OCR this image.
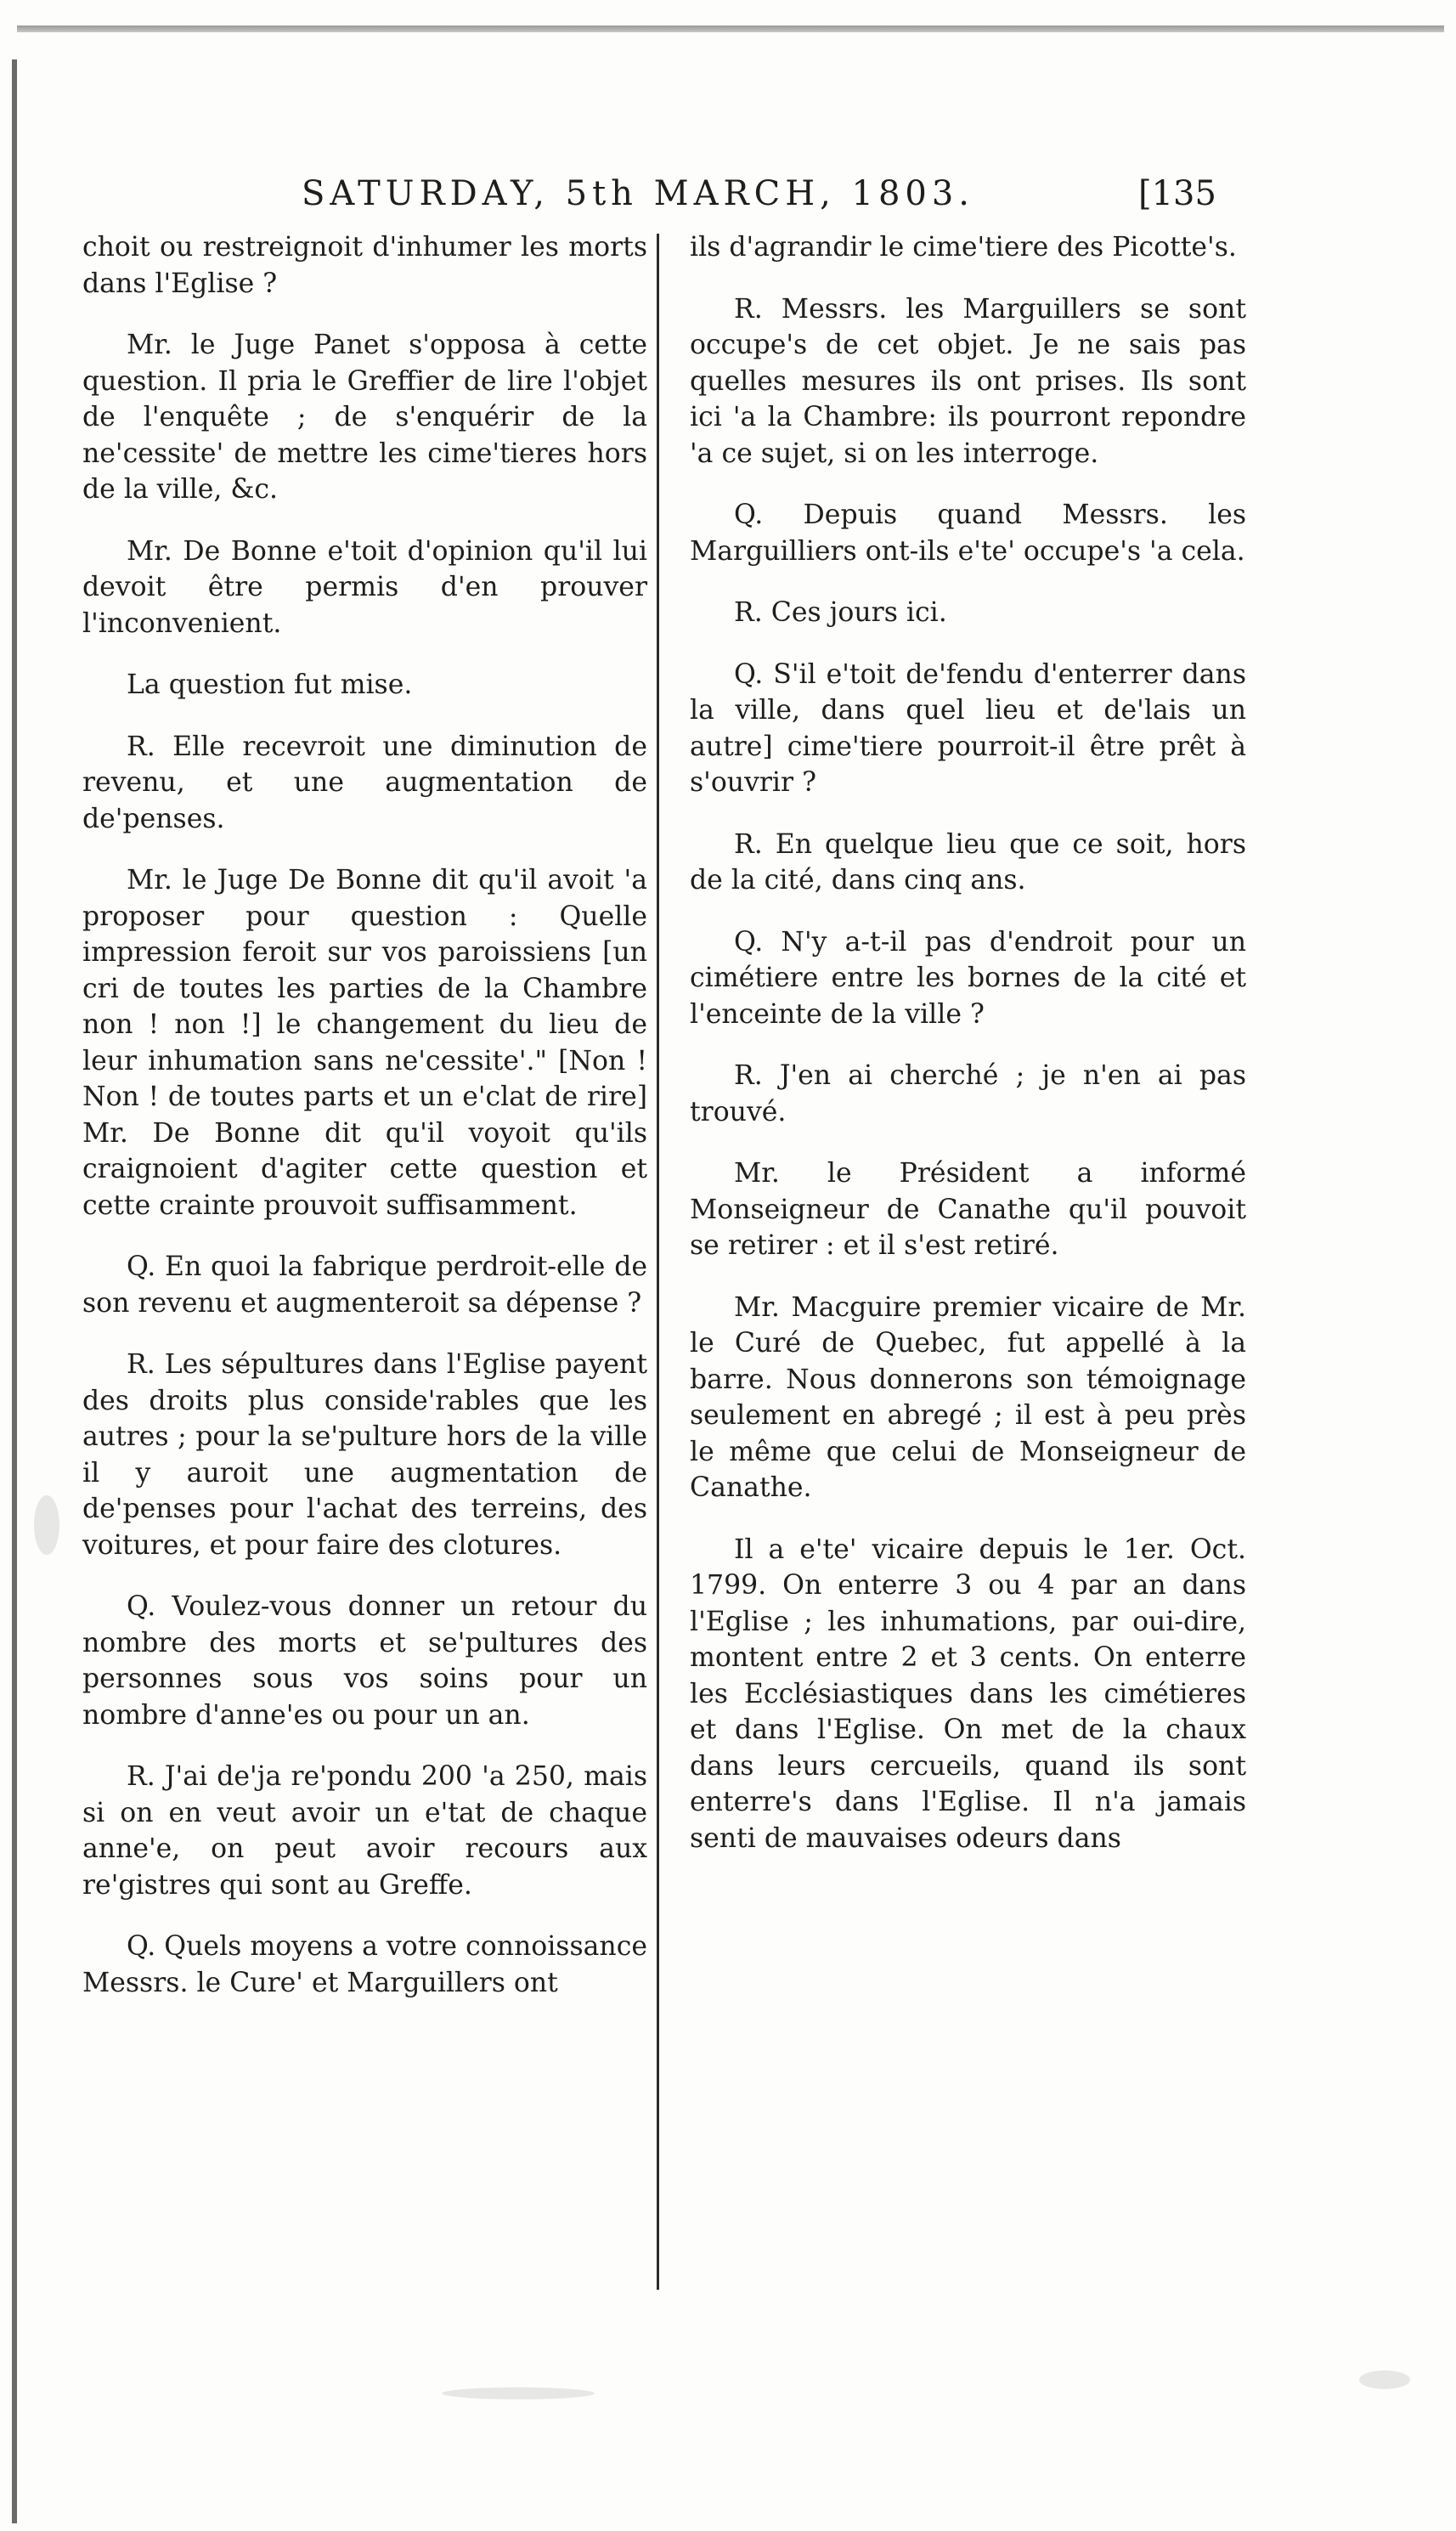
SATURDAY, 5th MARCH, 1803.	[135

choit ou restreignoit d'inhumer les morts dans l'Eglise ?

Mr. le Juge Panet s'opposa à cette question. Il pria le Greffier de lire l'objet de l'enquête ; de s'enquérir de la ne'cessite' de mettre les cime'tieres hors de la ville, &c.

Mr. De Bonne e'toit d'opinion qu'il lui devoit être permis d'en prouver l'inconvenient.

La question fut mise.

R. Elle recevroit une diminution de revenu, et une augmentation de de'penses.

Mr. le Juge De Bonne dit qu'il avoit 'a proposer pour question : Quelle impression feroit sur vos paroissiens [un cri de toutes les parties de la Chambre non ! non !] le changement du lieu de leur inhumation sans ne'cessite'." [Non ! Non ! de toutes parts et un e'clat de rire] Mr. De Bonne dit qu'il voyoit qu'ils craignoient d'agiter cette question et cette crainte prouvoit suffisamment.

Q. En quoi la fabrique perdroit-elle de son revenu et augmenteroit sa dépense ?

R. Les sépultures dans l'Eglise payent des droits plus conside'rables que les autres ; pour la se'pulture hors de la ville il y auroit une augmentation de de'penses pour l'achat des terreins, des voitures, et pour faire des clotures.

Q. Voulez-vous donner un retour du nombre des morts et se'pultures des personnes sous vos soins pour un nombre d'anne'es ou pour un an.

R. J'ai de'ja re'pondu 200 'a 250, mais si on en veut avoir un e'tat de chaque anne'e, on peut avoir recours aux re'gistres qui sont au Greffe.

Q. Quels moyens a votre connoissance Messrs. le Cure' et Marguillers ont

ils d'agrandir le cime'tiere des Picotte's.

R. Messrs. les Marguillers se sont occupe's de cet objet. Je ne sais pas quelles mesures ils ont prises. Ils sont ici 'a la Chambre: ils pourront repondre 'a ce sujet, si on les interroge.

Q. Depuis quand Messrs. les Marguilliers ont-ils e'te' occupe's 'a cela.

R. Ces jours ici.

Q. S'il e'toit de'fendu d'enterrer dans la ville, dans quel lieu et de'lais un autre] cime'tiere pourroit-il être prêt à s'ouvrir ?

R. En quelque lieu que ce soit, hors de la cité, dans cinq ans.

Q. N'y a-t-il pas d'endroit pour un cimétiere entre les bornes de la cité et l'enceinte de la ville ?

R. J'en ai cherché ; je n'en ai pas trouvé.

Mr. le Président a informé Monseigneur de Canathe qu'il pouvoit se retirer : et il s'est retiré.

Mr. Macguire premier vicaire de Mr. le Curé de Quebec, fut appellé à la barre. Nous donnerons son témoignage seulement en abregé ; il est à peu près le même que celui de Monseigneur de Canathe.

Il a e'te' vicaire depuis le 1er. Oct. 1799. On enterre 3 ou 4 par an dans l'Eglise ; les inhumations, par oui-dire, montent entre 2 et 3 cents. On enterre les Ecclésiastiques dans les cimétieres et dans l'Eglise. On met de la chaux dans leurs cercueils, quand ils sont enterre's dans l'Eglise. Il n'a jamais senti de mauvaises odeurs dans
